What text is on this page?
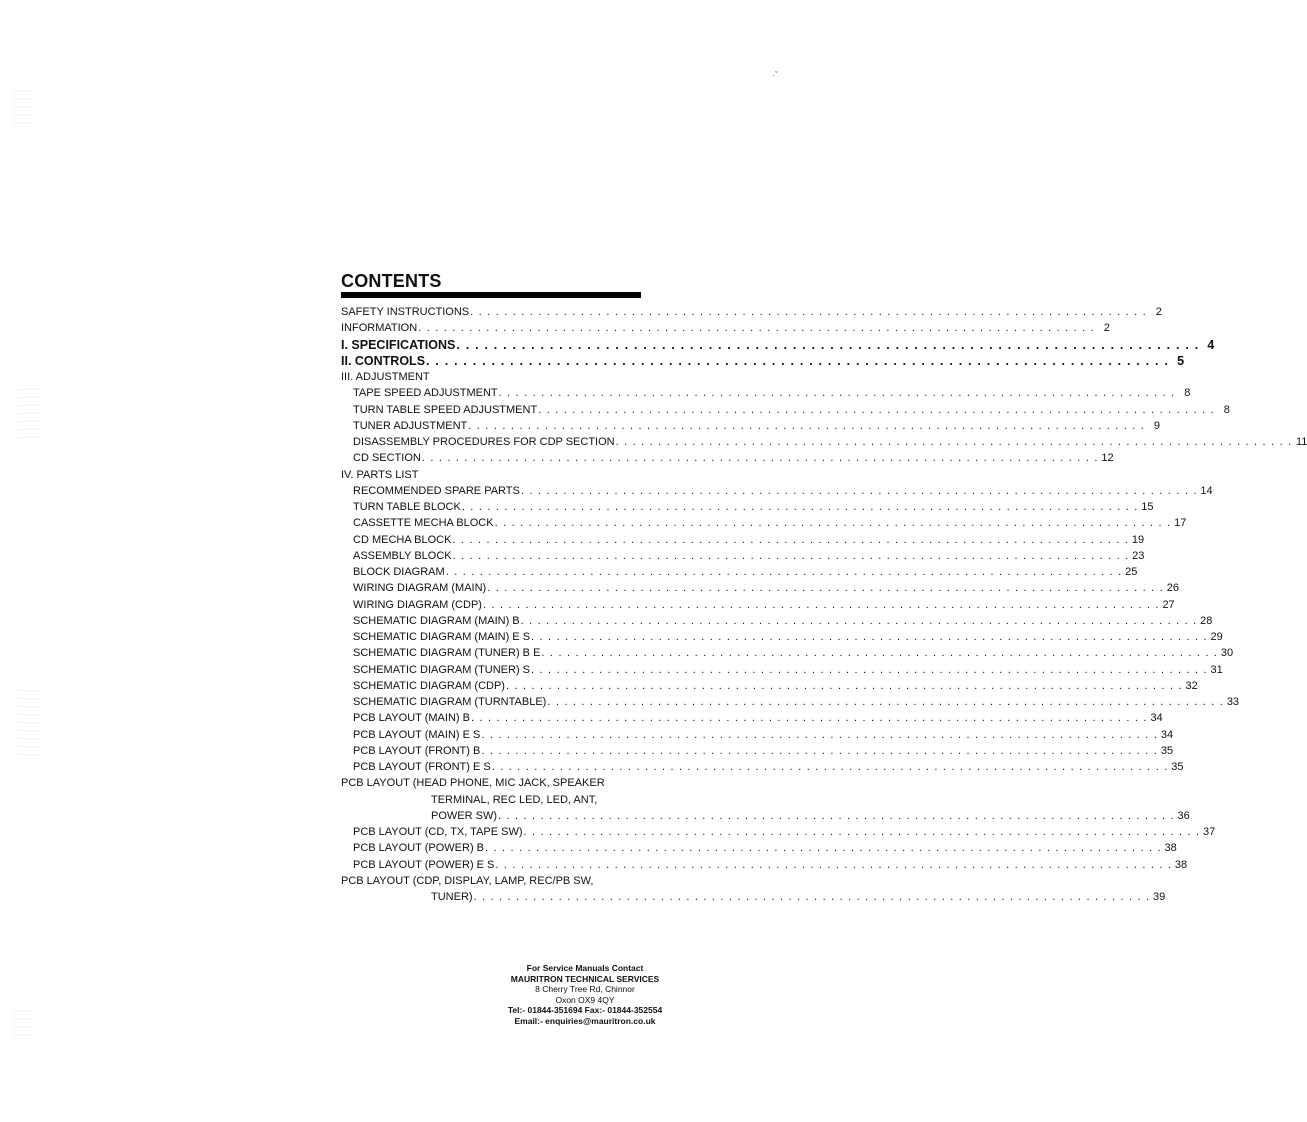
·ˇ
CONTENTS
SAFETY INSTRUCTIONS . . . . . . . . . . . . . . . . . . . . . . . . . . . . . . . . . . . . . . . . . . . . . . . . . . . . . . . . . . . . . . . . . . . . . . . . . . . . . . . . 2
INFORMATION . . . . . . . . . . . . . . . . . . . . . . . . . . . . . . . . . . . . . . . . . . . . . . . . . . . . . . . . . . . . . . . . . . . . . . . . . . . . . . . . 2
I. SPECIFICATIONS . . . . . . . . . . . . . . . . . . . . . . . . . . . . . . . . . . . . . . . . . . . . . . . . . . . . . . . . . . . . . . . . . . . . . . . . . . . . . . . . 4
II. CONTROLS . . . . . . . . . . . . . . . . . . . . . . . . . . . . . . . . . . . . . . . . . . . . . . . . . . . . . . . . . . . . . . . . . . . . . . . . . . . . . . . . 5
III. ADJUSTMENT
TAPE SPEED ADJUSTMENT . . . . . . . . . . . . . . . . . . . . . . . . . . . . . . . . . . . . . . . . . . . . . . . . . . . . . . . . . . . . . . . . . . . . . . . . . . . . . . . . 8
TURN TABLE SPEED ADJUSTMENT . . . . . . . . . . . . . . . . . . . . . . . . . . . . . . . . . . . . . . . . . . . . . . . . . . . . . . . . . . . . . . . . . . . . . . . . . . . . . . . . 8
TUNER ADJUSTMENT . . . . . . . . . . . . . . . . . . . . . . . . . . . . . . . . . . . . . . . . . . . . . . . . . . . . . . . . . . . . . . . . . . . . . . . . . . . . . . . . 9
DISASSEMBLY PROCEDURES FOR CDP SECTION . . . . . . . . . . . . . . . . . . . . . . . . . . . . . . . . . . . . . . . . . . . . . . . . . . . . . . . . . . . . . . . . . . . . . . . . . . . . . . . . 11
CD SECTION . . . . . . . . . . . . . . . . . . . . . . . . . . . . . . . . . . . . . . . . . . . . . . . . . . . . . . . . . . . . . . . . . . . . . . . . . . . . . . . . 12
IV. PARTS LIST
RECOMMENDED SPARE PARTS . . . . . . . . . . . . . . . . . . . . . . . . . . . . . . . . . . . . . . . . . . . . . . . . . . . . . . . . . . . . . . . . . . . . . . . . . . . . . . . . 14
TURN TABLE BLOCK . . . . . . . . . . . . . . . . . . . . . . . . . . . . . . . . . . . . . . . . . . . . . . . . . . . . . . . . . . . . . . . . . . . . . . . . . . . . . . . . 15
CASSETTE MECHA BLOCK . . . . . . . . . . . . . . . . . . . . . . . . . . . . . . . . . . . . . . . . . . . . . . . . . . . . . . . . . . . . . . . . . . . . . . . . . . . . . . . . 17
CD MECHA BLOCK . . . . . . . . . . . . . . . . . . . . . . . . . . . . . . . . . . . . . . . . . . . . . . . . . . . . . . . . . . . . . . . . . . . . . . . . . . . . . . . . 19
ASSEMBLY BLOCK . . . . . . . . . . . . . . . . . . . . . . . . . . . . . . . . . . . . . . . . . . . . . . . . . . . . . . . . . . . . . . . . . . . . . . . . . . . . . . . . 23
BLOCK DIAGRAM . . . . . . . . . . . . . . . . . . . . . . . . . . . . . . . . . . . . . . . . . . . . . . . . . . . . . . . . . . . . . . . . . . . . . . . . . . . . . . . . 25
WIRING DIAGRAM (MAIN) . . . . . . . . . . . . . . . . . . . . . . . . . . . . . . . . . . . . . . . . . . . . . . . . . . . . . . . . . . . . . . . . . . . . . . . . . . . . . . . . 26
WIRING DIAGRAM (CDP) . . . . . . . . . . . . . . . . . . . . . . . . . . . . . . . . . . . . . . . . . . . . . . . . . . . . . . . . . . . . . . . . . . . . . . . . . . . . . . . . 27
SCHEMATIC DIAGRAM (MAIN) B . . . . . . . . . . . . . . . . . . . . . . . . . . . . . . . . . . . . . . . . . . . . . . . . . . . . . . . . . . . . . . . . . . . . . . . . . . . . . . . . 28
SCHEMATIC DIAGRAM (MAIN) E S . . . . . . . . . . . . . . . . . . . . . . . . . . . . . . . . . . . . . . . . . . . . . . . . . . . . . . . . . . . . . . . . . . . . . . . . . . . . . . . . 29
SCHEMATIC DIAGRAM (TUNER) B E . . . . . . . . . . . . . . . . . . . . . . . . . . . . . . . . . . . . . . . . . . . . . . . . . . . . . . . . . . . . . . . . . . . . . . . . . . . . . . . . 30
SCHEMATIC DIAGRAM (TUNER) S . . . . . . . . . . . . . . . . . . . . . . . . . . . . . . . . . . . . . . . . . . . . . . . . . . . . . . . . . . . . . . . . . . . . . . . . . . . . . . . . 31
SCHEMATIC DIAGRAM (CDP) . . . . . . . . . . . . . . . . . . . . . . . . . . . . . . . . . . . . . . . . . . . . . . . . . . . . . . . . . . . . . . . . . . . . . . . . . . . . . . . . 32
SCHEMATIC DIAGRAM (TURNTABLE) . . . . . . . . . . . . . . . . . . . . . . . . . . . . . . . . . . . . . . . . . . . . . . . . . . . . . . . . . . . . . . . . . . . . . . . . . . . . . . . . 33
PCB LAYOUT (MAIN) B . . . . . . . . . . . . . . . . . . . . . . . . . . . . . . . . . . . . . . . . . . . . . . . . . . . . . . . . . . . . . . . . . . . . . . . . . . . . . . . . 34
PCB LAYOUT (MAIN) E S . . . . . . . . . . . . . . . . . . . . . . . . . . . . . . . . . . . . . . . . . . . . . . . . . . . . . . . . . . . . . . . . . . . . . . . . . . . . . . . . 34
PCB LAYOUT (FRONT) B . . . . . . . . . . . . . . . . . . . . . . . . . . . . . . . . . . . . . . . . . . . . . . . . . . . . . . . . . . . . . . . . . . . . . . . . . . . . . . . . 35
PCB LAYOUT (FRONT) E S . . . . . . . . . . . . . . . . . . . . . . . . . . . . . . . . . . . . . . . . . . . . . . . . . . . . . . . . . . . . . . . . . . . . . . . . . . . . . . . . 35
PCB LAYOUT (HEAD PHONE, MIC JACK, SPEAKER
TERMINAL, REC LED, LED, ANT,
POWER SW) . . . . . . . . . . . . . . . . . . . . . . . . . . . . . . . . . . . . . . . . . . . . . . . . . . . . . . . . . . . . . . . . . . . . . . . . . . . . . . . . 36
PCB LAYOUT (CD, TX, TAPE SW) . . . . . . . . . . . . . . . . . . . . . . . . . . . . . . . . . . . . . . . . . . . . . . . . . . . . . . . . . . . . . . . . . . . . . . . . . . . . . . . . 37
PCB LAYOUT (POWER) B . . . . . . . . . . . . . . . . . . . . . . . . . . . . . . . . . . . . . . . . . . . . . . . . . . . . . . . . . . . . . . . . . . . . . . . . . . . . . . . . 38
PCB LAYOUT (POWER) E S . . . . . . . . . . . . . . . . . . . . . . . . . . . . . . . . . . . . . . . . . . . . . . . . . . . . . . . . . . . . . . . . . . . . . . . . . . . . . . . . 38
PCB LAYOUT (CDP, DISPLAY, LAMP, REC/PB SW,
TUNER) . . . . . . . . . . . . . . . . . . . . . . . . . . . . . . . . . . . . . . . . . . . . . . . . . . . . . . . . . . . . . . . . . . . . . . . . . . . . . . . . 39
For Service Manuals Contact
MAURITRON TECHNICAL SERVICES
8 Cherry Tree Rd, Chinnor
Oxon OX9 4QY
Tel:- 01844-351694 Fax:- 01844-352554
Email:- enquiries@mauritron.co.uk
